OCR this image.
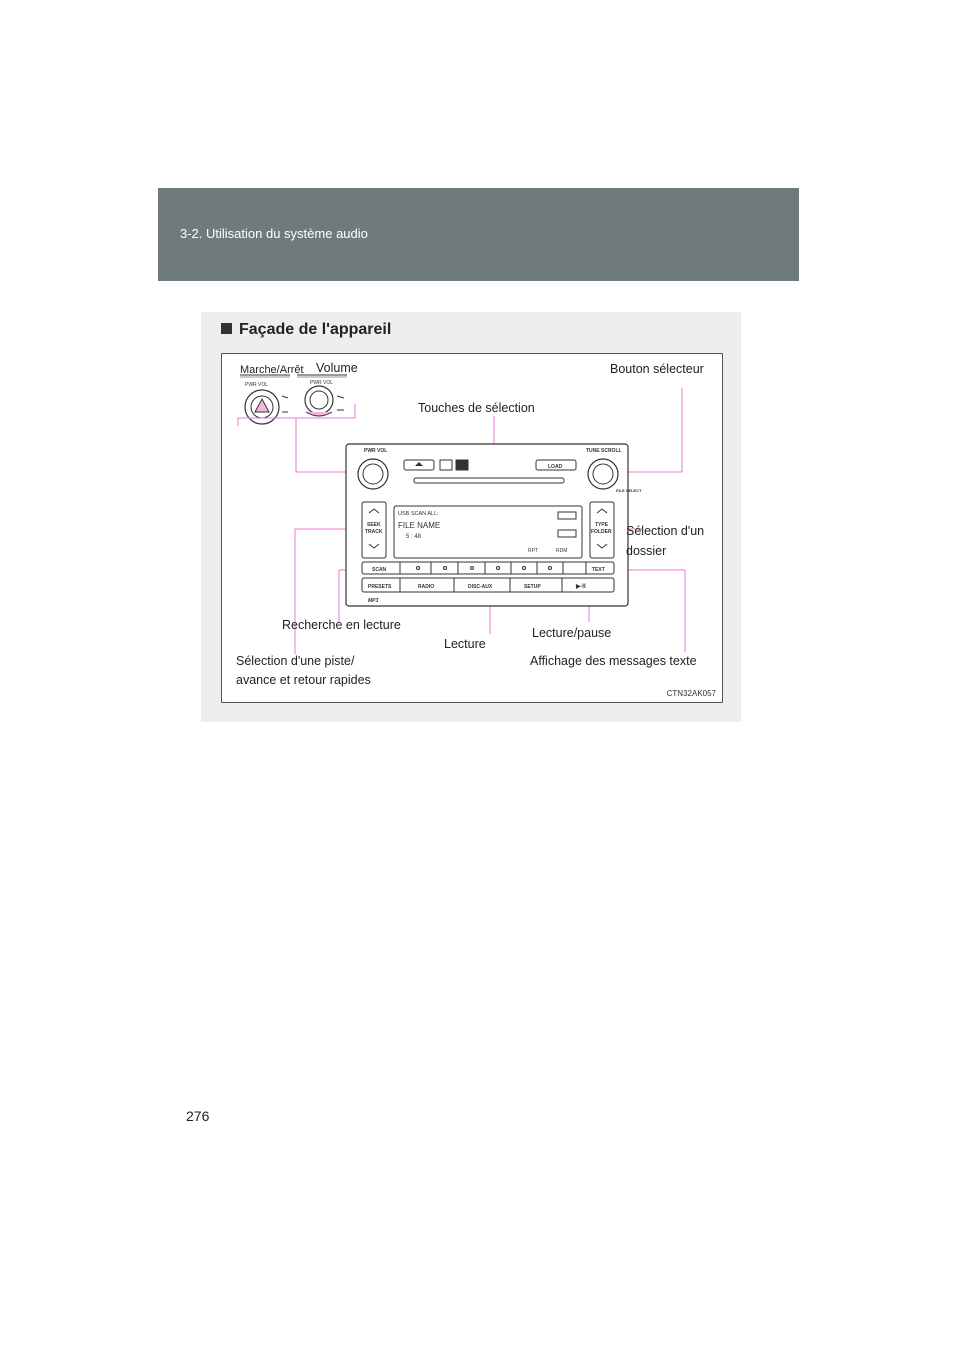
3-2. Utilisation du système audio
Façade de l'appareil
PWR VOL	PWR VOL
PWR VOL	TUNE SCROLL
LOAD
SEEK
TRACK
TYPE
FOLDER
FILE SELECT
USB SCAN ALL:
FILE NAME
5 : 48
RPT	RDM
SCAN	TEXT
PRESETS	RADIO	DISC-AUX	SETUP	▶∙II
MP3
Marche/Arrêt Volume	Bouton sélecteur
Touches de sélection
Sélection d'un
dossier
Recherche en lecture
Lecture
Lecture/pause
Sélection d'une piste/
avance et retour rapides
Affichage des messages texte
CTN32AK057
276
